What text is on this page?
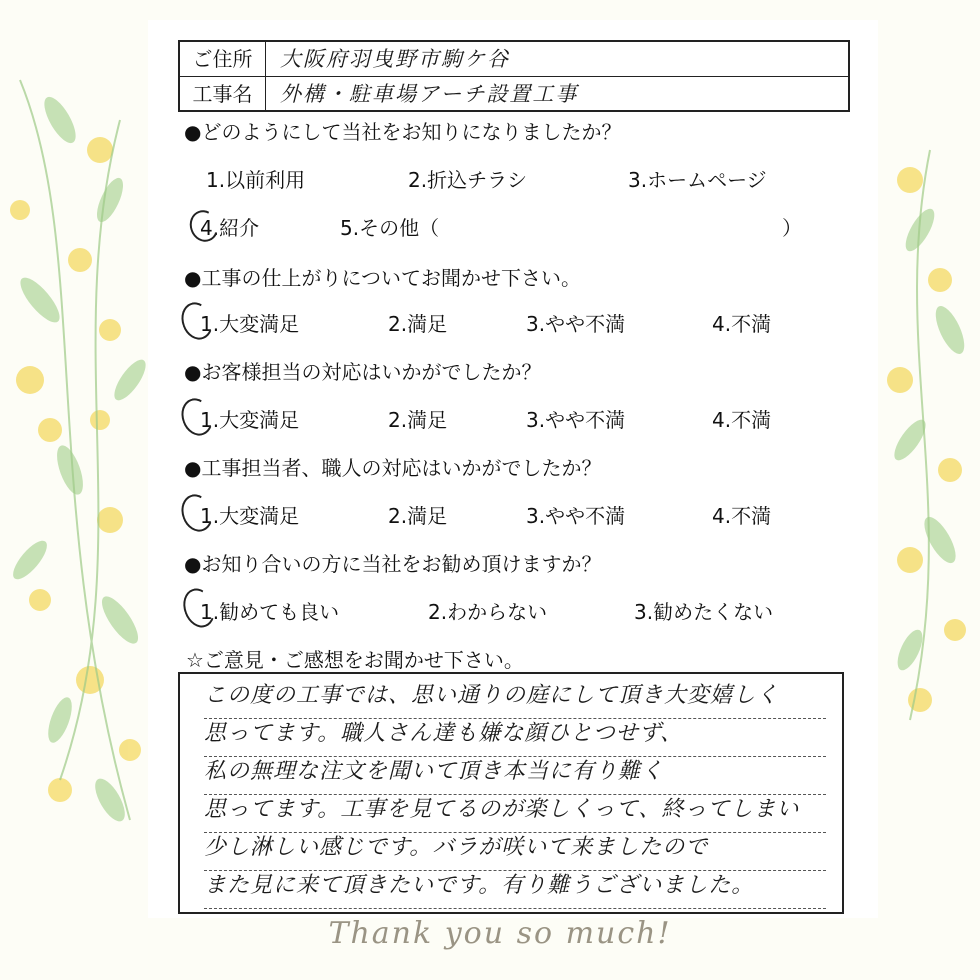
ご住所	大阪府羽曳野市駒ケ谷
工事名	外構・駐車場アーチ設置工事
●どのようにして当社をお知りになりましたか？
1.以前利用	2.折込チラシ	3.ホームページ
4.紹介	5.その他（	）
●工事の仕上がりについてお聞かせ下さい。
1.大変満足	2.満足	3.やや不満	4.不満
●お客様担当の対応はいかがでしたか？
1.大変満足	2.満足	3.やや不満	4.不満
●工事担当者、職人の対応はいかがでしたか？
1.大変満足	2.満足	3.やや不満	4.不満
●お知り合いの方に当社をお勧め頂けますか？
1.勧めても良い	2.わからない	3.勧めたくない
☆ご意見・ご感想をお聞かせ下さい。
この度の工事では、思い通りの庭にして頂き大変嬉しく
思ってます。職人さん達も嫌な顔ひとつせず、
私の無理な注文を聞いて頂き本当に有り難く
思ってます。工事を見てるのが楽しくって、終ってしまい
少し淋しい感じです。バラが咲いて来ましたので
また見に来て頂きたいです。有り難うございました。
Thank you so much!
